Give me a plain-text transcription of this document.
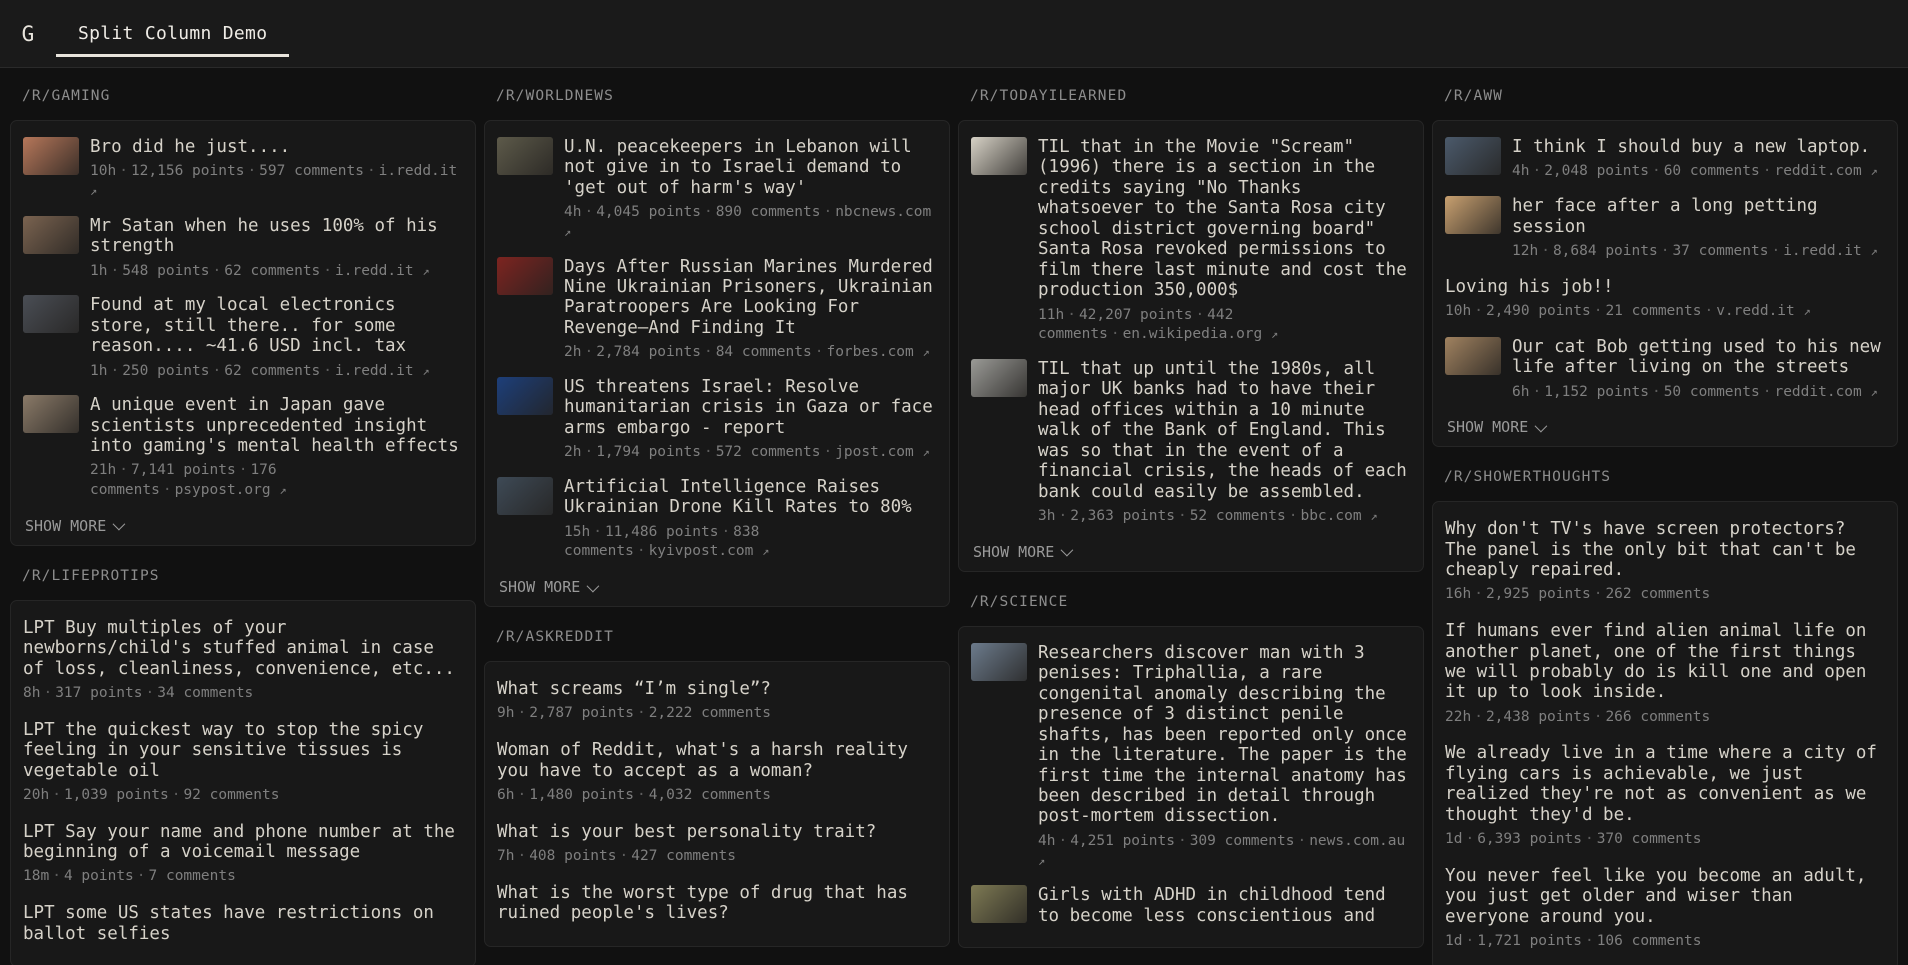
G	Split Column Demo
/R/GAMING
Bro did he just....
10h · 12,156 points · 597 comments · i.redd.it ↗
Mr Satan when he uses 100% of his strength
1h · 548 points · 62 comments · i.redd.it ↗
Found at my local electronics store, still there.. for some reason.... ~41.6 USD incl. tax
1h · 250 points · 62 comments · i.redd.it ↗
A unique event in Japan gave scientists unprecedented insight into gaming's mental health effects
21h · 7,141 points · 176 comments · psypost.org ↗
SHOW MORE
/R/LIFEPROTIPS
LPT Buy multiples of your newborns/child's stuffed animal in case of loss, cleanliness, convenience, etc...
8h · 317 points · 34 comments
LPT the quickest way to stop the spicy feeling in your sensitive tissues is vegetable oil
20h · 1,039 points · 92 comments
LPT Say your name and phone number at the beginning of a voicemail message
18m · 4 points · 7 comments
LPT some US states have restrictions on ballot selfies
/R/WORLDNEWS
U.N. peacekeepers in Lebanon will not give in to Israeli demand to 'get out of harm's way'
4h · 4,045 points · 890 comments · nbcnews.com ↗
Days After Russian Marines Murdered Nine Ukrainian Prisoners, Ukrainian Paratroopers Are Looking For Revenge—And Finding It
2h · 2,784 points · 84 comments · forbes.com ↗
US threatens Israel: Resolve humanitarian crisis in Gaza or face arms embargo - report
2h · 1,794 points · 572 comments · jpost.com ↗
Artificial Intelligence Raises Ukrainian Drone Kill Rates to 80%
15h · 11,486 points · 838 comments · kyivpost.com ↗
SHOW MORE
/R/ASKREDDIT
What screams “I’m single”?
9h · 2,787 points · 2,222 comments
Woman of Reddit, what's a harsh reality you have to accept as a woman?
6h · 1,480 points · 4,032 comments
What is your best personality trait?
7h · 408 points · 427 comments
What is the worst type of drug that has ruined people's lives?
/R/TODAYILEARNED
TIL that in the Movie "Scream" (1996) there is a section in the credits saying "No Thanks whatsoever to the Santa Rosa city school district governing board" Santa Rosa revoked permissions to film there last minute and cost the production 350,000$
11h · 42,207 points · 442 comments · en.wikipedia.org ↗
TIL that up until the 1980s, all major UK banks had to have their head offices within a 10 minute walk of the Bank of England. This was so that in the event of a financial crisis, the heads of each bank could easily be assembled.
3h · 2,363 points · 52 comments · bbc.com ↗
SHOW MORE
/R/SCIENCE
Researchers discover man with 3 penises: Triphallia, a rare congenital anomaly describing the presence of 3 distinct penile shafts, has been reported only once in the literature. The paper is the first time the internal anatomy has been described in detail through post-mortem dissection.
4h · 4,251 points · 309 comments · news.com.au ↗
Girls with ADHD in childhood tend to become less conscientious and
/R/AWW
I think I should buy a new laptop.
4h · 2,048 points · 60 comments · reddit.com ↗
her face after a long petting session
12h · 8,684 points · 37 comments · i.redd.it ↗
Loving his job!!
10h · 2,490 points · 21 comments · v.redd.it ↗
Our cat Bob getting used to his new life after living on the streets
6h · 1,152 points · 50 comments · reddit.com ↗
SHOW MORE
/R/SHOWERTHOUGHTS
Why don't TV's have screen protectors? The panel is the only bit that can't be cheaply repaired.
16h · 2,925 points · 262 comments
If humans ever find alien animal life on another planet, one of the first things we will probably do is kill one and open it up to look inside.
22h · 2,438 points · 266 comments
We already live in a time where a city of flying cars is achievable, we just realized they're not as convenient as we thought they'd be.
1d · 6,393 points · 370 comments
You never feel like you become an adult, you just get older and wiser than everyone around you.
1d · 1,721 points · 106 comments
